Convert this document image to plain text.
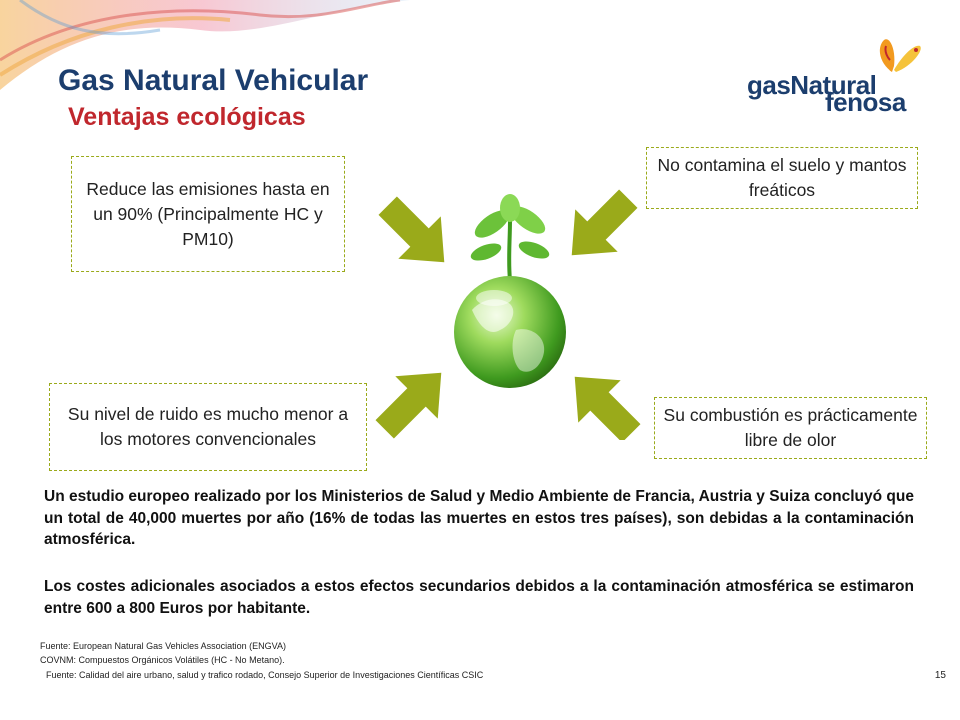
Gas Natural Vehicular
Ventajas ecológicas
gasNatural
fenosa
Reduce las emisiones hasta en un 90% (Principalmente HC y PM10)
No contamina el suelo y mantos freáticos
Su nivel de ruido es mucho menor a los motores convencionales
Su combustión es prácticamente libre de olor
Un estudio europeo realizado por los Ministerios de Salud y Medio Ambiente de Francia, Austria y Suiza concluyó que un total de 40,000 muertes por año (16% de todas las muertes en estos tres países), son debidas a la contaminación atmosférica.
Los costes adicionales asociados a estos efectos secundarios debidos a la contaminación atmosférica se estimaron entre 600 a 800 Euros por habitante.
Fuente: European Natural Gas Vehicles Association (ENGVA)
COVNM: Compuestos Orgánicos Volátiles (HC - No Metano).
Fuente: Calidad del aire urbano, salud y trafico rodado, Consejo Superior de Investigaciones Científicas CSIC	15
